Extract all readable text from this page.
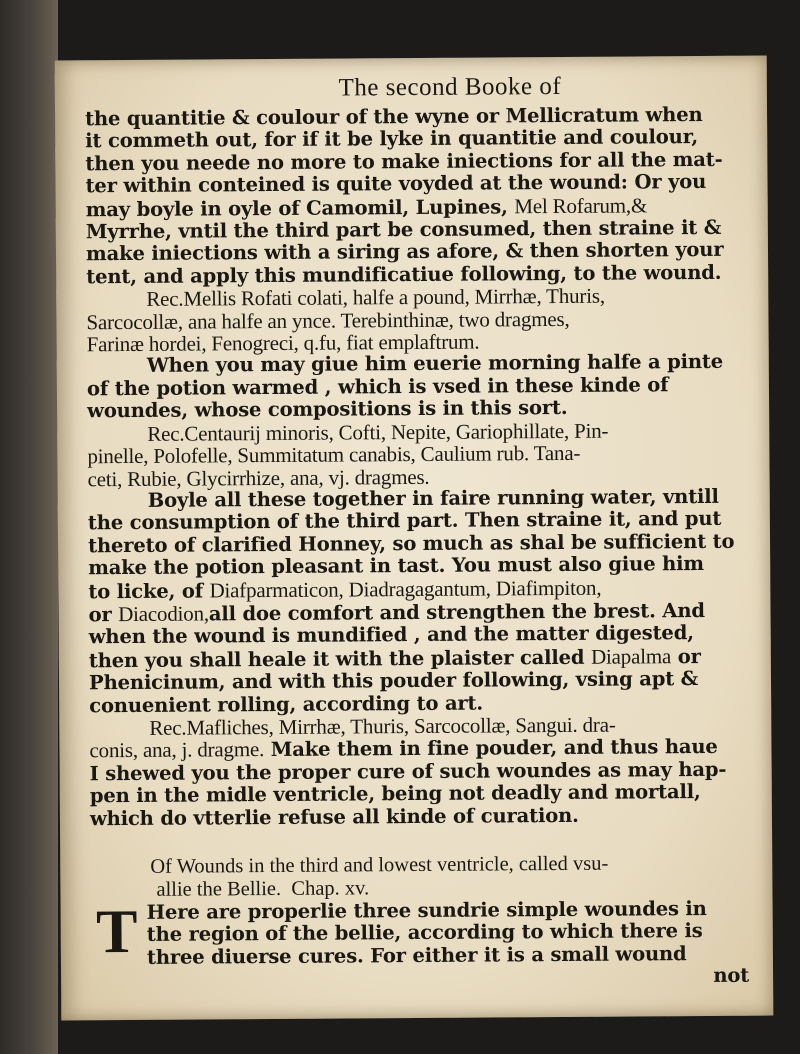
The second Booke of
the quantitie & coulour of the wyne or Mellicratum when
it commeth out, for if it be lyke in quantitie and coulour,
then you neede no more to make iniections for all the mat-
ter within conteined is quite voyded at the wound: Or you
may boyle in oyle of Camomil, Lupines, Mel Rofarum,&
Myrrhe, vntil the third part be consumed, then straine it &
make iniections with a siring as afore, & then shorten your
tent, and apply this mundificatiue following, to the wound.
Rec.Mellis Rofati colati, halfe a pound, Mirrhæ, Thuris,
Sarcocollæ, ana halfe an ynce. Terebinthinæ, two dragmes,
Farinæ hordei, Fenogreci, q.fu, fiat emplaftrum.
When you may giue him euerie morning halfe a pinte
of the potion warmed , which is vsed in these kinde of
woundes, whose compositions is in this sort.
Rec.Centaurij minoris, Cofti, Nepite, Gariophillate, Pin-
pinelle, Polofelle, Summitatum canabis, Caulium rub. Tana-
ceti, Rubie, Glycirrhize, ana, vj. dragmes.
Boyle all these together in faire running water, vntill
the consumption of the third part. Then straine it, and put
thereto of clarified Honney, so much as shal be sufficient to
make the potion pleasant in tast. You must also giue him
to licke, of Diafparmaticon, Diadragagantum, Diafimpiton,
or Diacodion,all doe comfort and strengthen the brest. And
when the wound is mundified , and the matter digested,
then you shall heale it with the plaister called Diapalma or
Phenicinum, and with this pouder following, vsing apt &
conuenient rolling, according to art.
Rec.Mafliches, Mirrhæ, Thuris, Sarcocollæ, Sangui. dra-
conis, ana, j. dragme. Make them in fine pouder, and thus haue
I shewed you the proper cure of such woundes as may hap-
pen in the midle ventricle, being not deadly and mortall,
which do vtterlie refuse all kinde of curation.
Of Wounds in the third and lowest ventricle, called vsu-
allie the Bellie. Chap. xv.
T Here are properlie three sundrie simple woundes in
the region of the bellie, according to which there is
three diuerse cures. For either it is a small wound
not
